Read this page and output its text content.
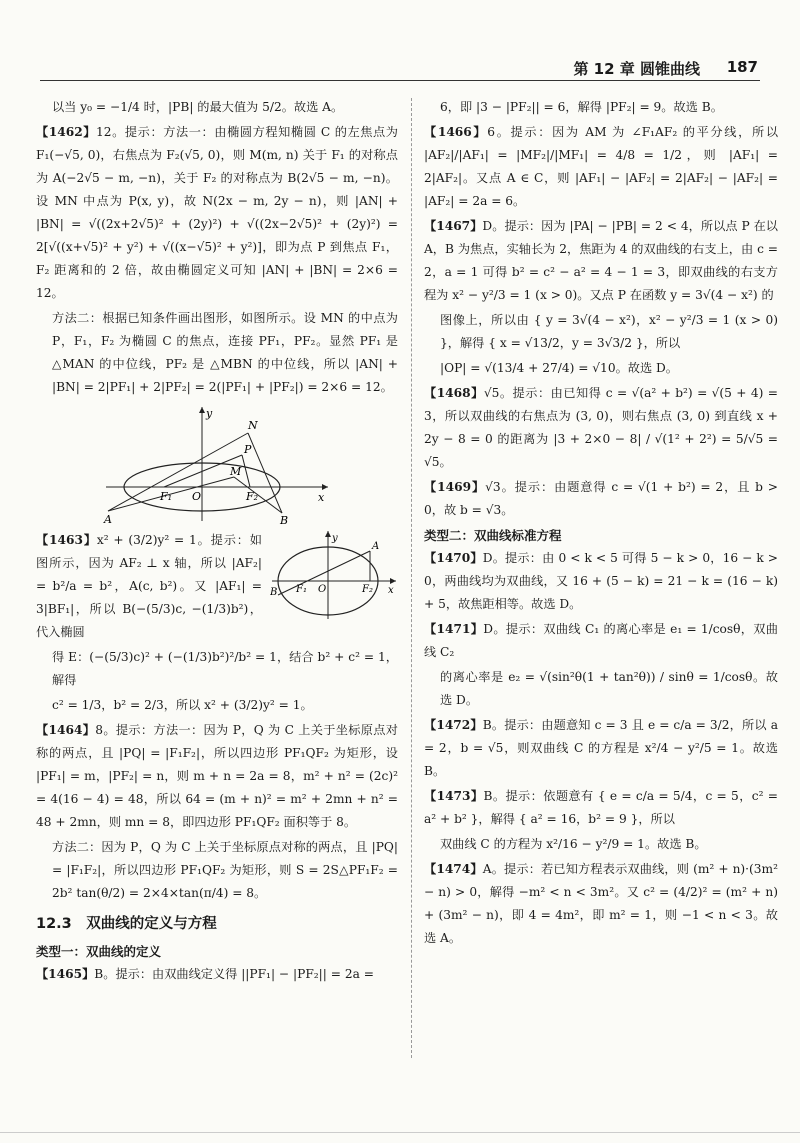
第 12 章 圆锥曲线 187

以当 y₀ = −1/4 时，|PB| 的最大值为 5/2。故选 A。

【1462】12。提示：方法一：由椭圆方程知椭圆 C 的左焦点为 F₁(−√5, 0)，右焦点为 F₂(√5, 0)，则 M(m, n) 关于 F₁ 的对称点为 A(−2√5 − m, −n)，关于 F₂ 的对称点为 B(2√5 − m, −n)。设 MN 中点为 P(x, y)，故 N(2x − m, 2y − n)，则 |AN| + |BN| = √((2x+2√5)² + (2y)²) + √((2x−2√5)² + (2y)²) = 2[√((x+√5)² + y²) + √((x−√5)² + y²)]，即为点 P 到焦点 F₁，F₂ 距离和的 2 倍，故由椭圆定义可知 |AN| + |BN| = 2×6 = 12。

方法二：根据已知条件画出图形，如图所示。设 MN 的中点为 P，F₁，F₂ 为椭圆 C 的焦点，连接 PF₁，PF₂。显然 PF₁ 是 △MAN 的中位线，PF₂ 是 △MBN 的中位线，所以 |AN| + |BN| = 2|PF₁| + 2|PF₂| = 2(|PF₁| + |PF₂|) = 2×6 = 12。

y
x
N
P
M
F₁ O	F₂
A	B
y
x
A
B F₁ O	F₂

【1463】x² + (3/2)y² = 1。提示：如图所示，因为 AF₂ ⊥ x 轴，所以 |AF₂| = b²/a = b²，A(c, b²)。又 |AF₁| = 3|BF₁|，所以 B(−(5/3)c, −(1/3)b²)，代入椭圆

得 E：(−(5/3)c)² + (−(1/3)b²)²/b² = 1，结合 b² + c² = 1，解得

c² = 1/3，b² = 2/3，所以 x² + (3/2)y² = 1。

【1464】8。提示：方法一：因为 P，Q 为 C 上关于坐标原点对称的两点，且 |PQ| = |F₁F₂|，所以四边形 PF₁QF₂ 为矩形，设 |PF₁| = m，|PF₂| = n，则 m + n = 2a = 8，m² + n² = (2c)² = 4(16 − 4) = 48，所以 64 = (m + n)² = m² + 2mn + n² = 48 + 2mn，则 mn = 8，即四边形 PF₁QF₂ 面积等于 8。

方法二：因为 P，Q 为 C 上关于坐标原点对称的两点，且 |PQ| = |F₁F₂|，所以四边形 PF₁QF₂ 为矩形，则 S = 2S△PF₁F₂ = 2b² tan(θ/2) = 2×4×tan(π/4) = 8。

12.3　双曲线的定义与方程
类型一：双曲线的定义

【1465】B。提示：由双曲线定义得 ||PF₁| − |PF₂|| = 2a =

6，即 |3 − |PF₂|| = 6，解得 |PF₂| = 9。故选 B。

【1466】6。提示：因为 AM 为 ∠F₁AF₂ 的平分线，所以 |AF₂|/|AF₁| = |MF₂|/|MF₁| = 4/8 = 1/2，则 |AF₁| = 2|AF₂|。又点 A ∈ C，则 |AF₁| − |AF₂| = 2|AF₂| − |AF₂| = |AF₂| = 2a = 6。

【1467】D。提示：因为 |PA| − |PB| = 2 < 4，所以点 P 在以 A，B 为焦点，实轴长为 2，焦距为 4 的双曲线的右支上，由 c = 2，a = 1 可得 b² = c² − a² = 4 − 1 = 3，即双曲线的右支方程为 x² − y²/3 = 1 (x > 0)。又点 P 在函数 y = 3√(4 − x²) 的

图像上，所以由 { y = 3√(4 − x²)，x² − y²/3 = 1 (x > 0) }，解得 { x = √13/2，y = 3√3/2 }，所以

|OP| = √(13/4 + 27/4) = √10。故选 D。

【1468】√5。提示：由已知得 c = √(a² + b²) = √(5 + 4) = 3，所以双曲线的右焦点为 (3, 0)，则右焦点 (3, 0) 到直线 x + 2y − 8 = 0 的距离为 |3 + 2×0 − 8| / √(1² + 2²) = 5/√5 = √5。

【1469】√3。提示：由题意得 c = √(1 + b²) = 2，且 b > 0，故 b = √3。

类型二：双曲线标准方程

【1470】D。提示：由 0 < k < 5 可得 5 − k > 0，16 − k > 0，两曲线均为双曲线，又 16 + (5 − k) = 21 − k = (16 − k) + 5，故焦距相等。故选 D。

【1471】D。提示：双曲线 C₁ 的离心率是 e₁ = 1/cosθ，双曲线 C₂

的离心率是 e₂ = √(sin²θ(1 + tan²θ)) / sinθ = 1/cosθ。故选 D。

【1472】B。提示：由题意知 c = 3 且 e = c/a = 3/2，所以 a = 2，b = √5，则双曲线 C 的方程是 x²/4 − y²/5 = 1。故选 B。

【1473】B。提示：依题意有 { e = c/a = 5/4，c = 5，c² = a² + b² }，解得 { a² = 16，b² = 9 }，所以

双曲线 C 的方程为 x²/16 − y²/9 = 1。故选 B。

【1474】A。提示：若已知方程表示双曲线，则 (m² + n)·(3m² − n) > 0，解得 −m² < n < 3m²。又 c² = (4/2)² = (m² + n) + (3m² − n)，即 4 = 4m²，即 m² = 1，则 −1 < n < 3。故选 A。
